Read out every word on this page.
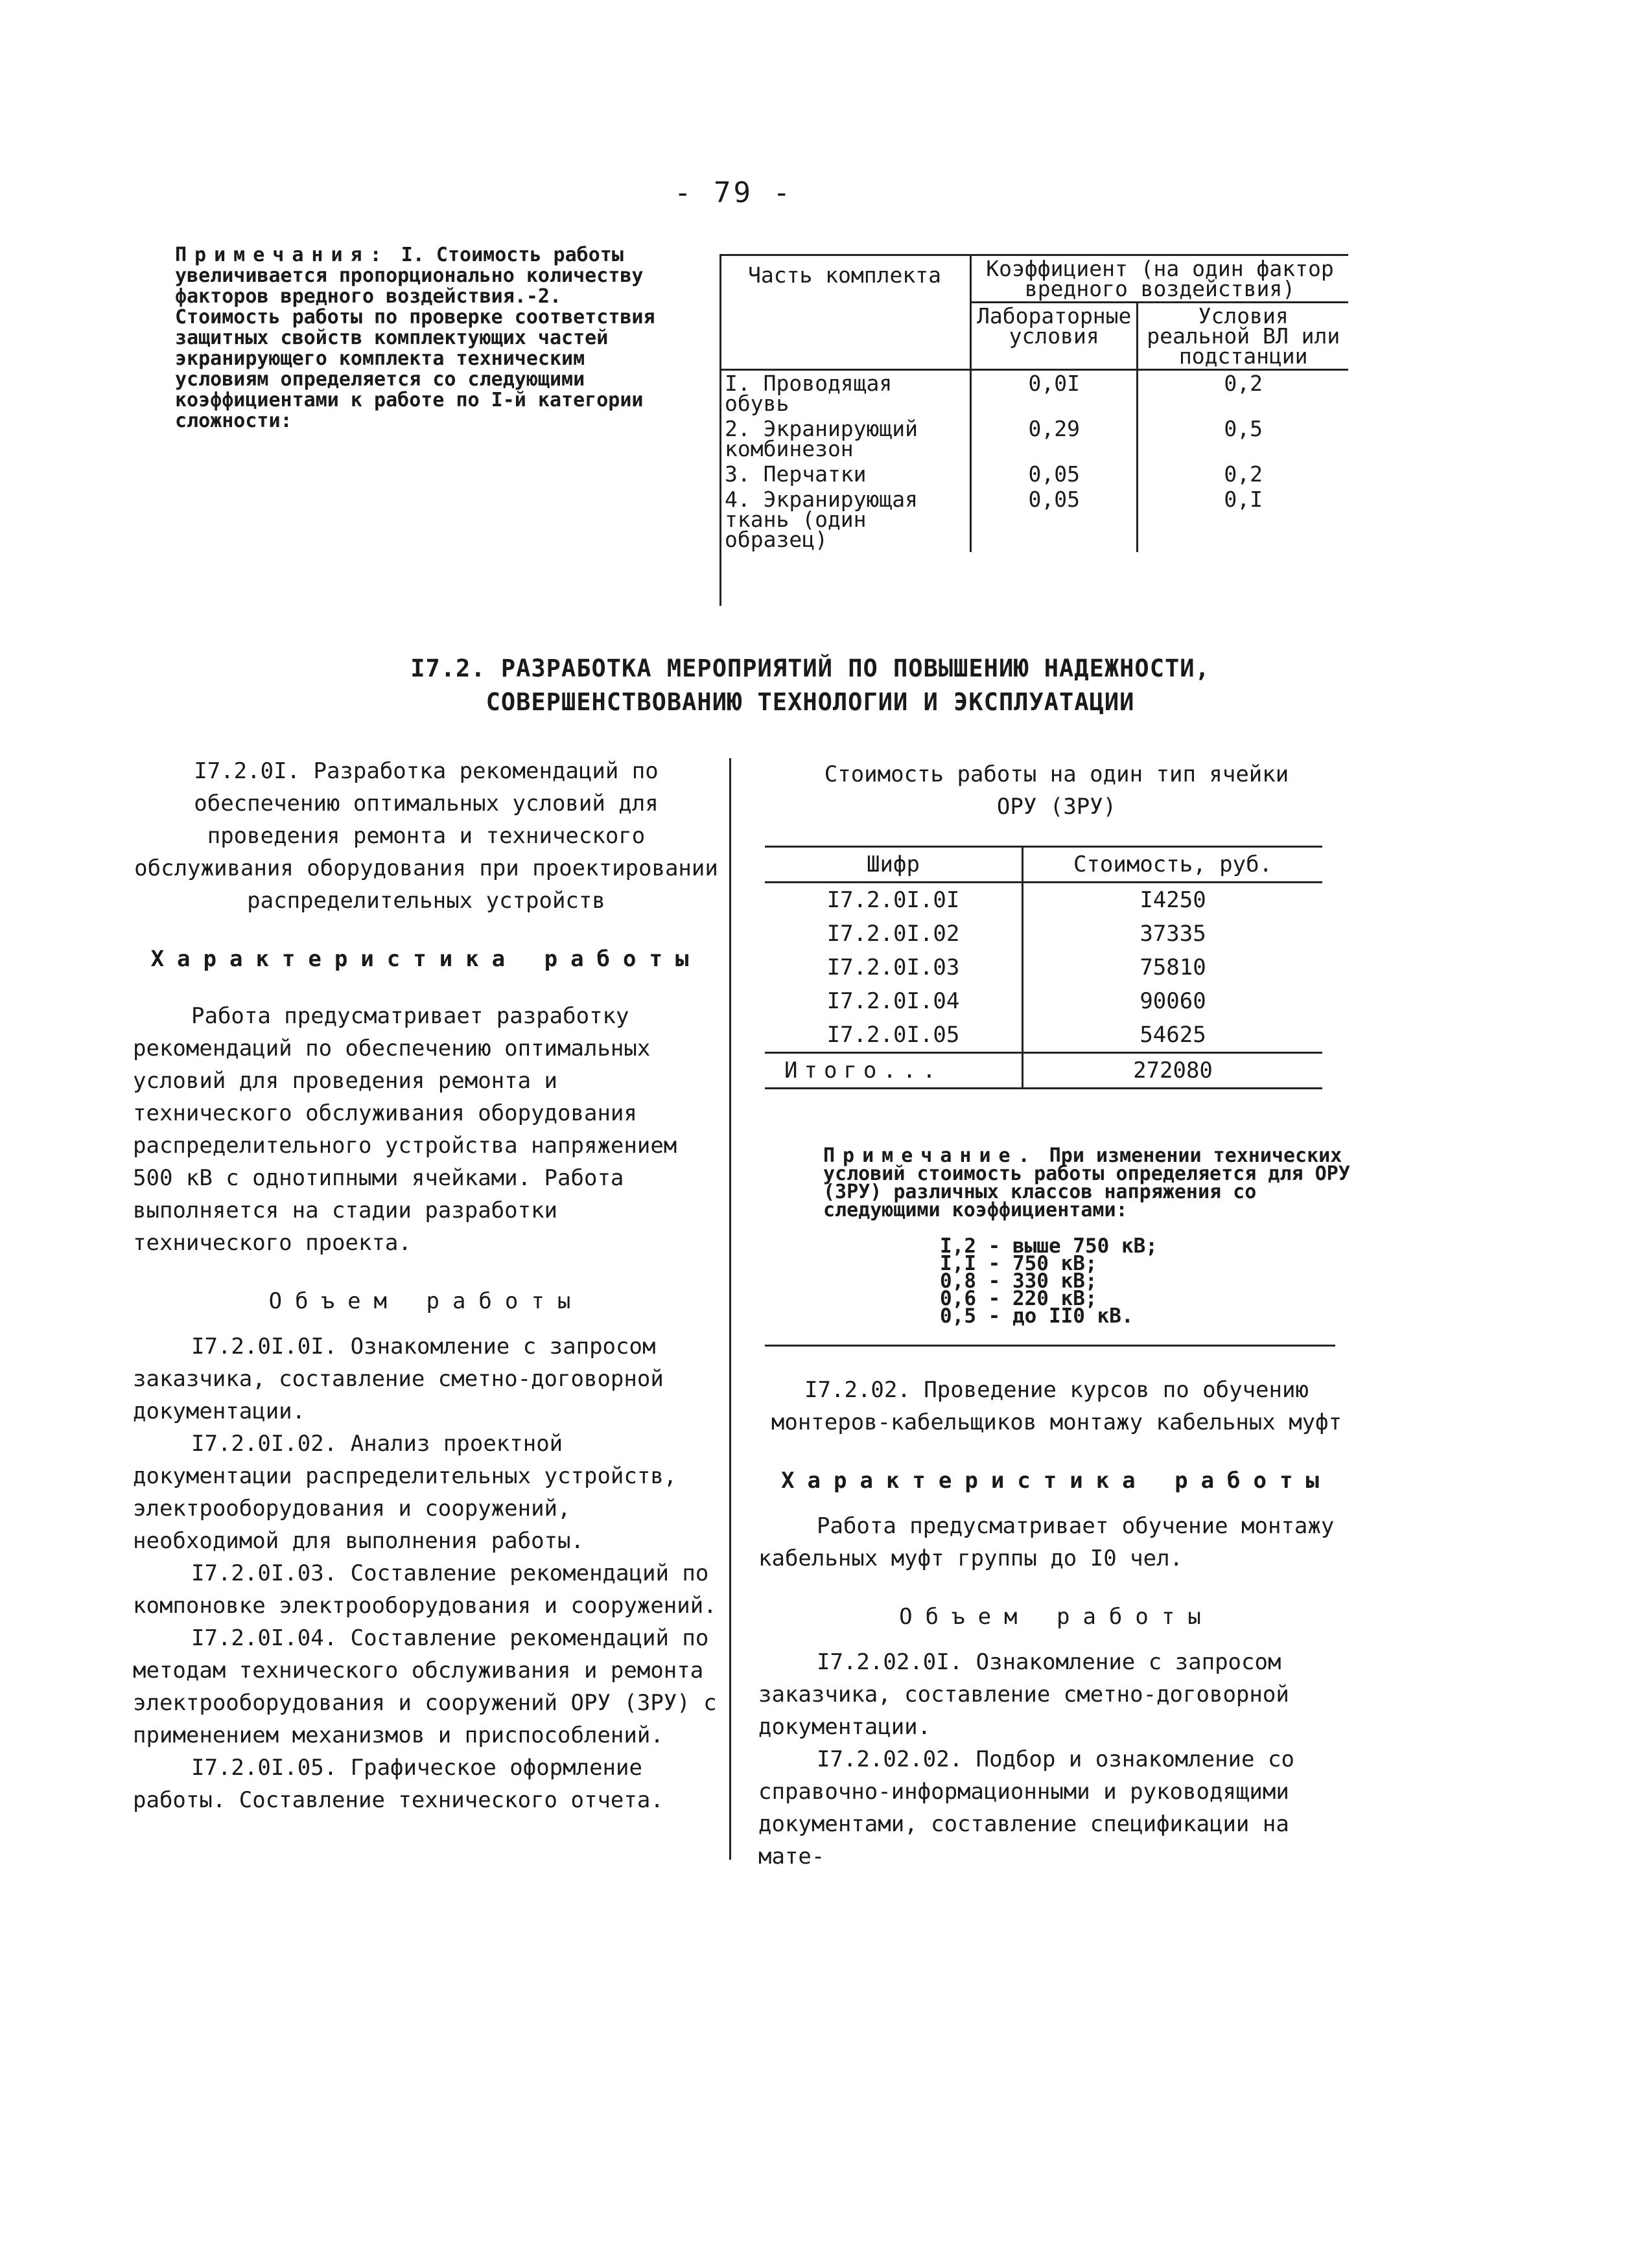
- 79 -
Примечания: I. Стоимость работы увеличивается пропорционально количеству факторов вредного воздействия.-2. Стоимость работы по проверке соответствия защитных свойств комплектующих частей экранирующего комплекта техническим условиям определяется со следующими коэффициентами к работе по I-й категории сложности:
Часть комплекта	Коэффициент (на один фактор вредного воздействия)	
	Лабораторные условия	Условия реальной ВЛ или подстанции
I. Проводящая обувь	0,0I	0,2
2. Экранирующий комбинезон	0,29	0,5
3. Перчатки	0,05	0,2
4. Экранирующая ткань (один образец)	0,05	0,I
I7.2. РАЗРАБОТКА МЕРОПРИЯТИЙ ПО ПОВЫШЕНИЮ НАДЕЖНОСТИ,
СОВЕРШЕНСТВОВАНИЮ ТЕХНОЛОГИИ И ЭКСПЛУАТАЦИИ

I7.2.0I. Разработка рекомендаций по обеспечению оптимальных условий для проведения ремонта и технического обслуживания оборудования при проектировании распределительных устройств

Характеристика работы

Работа предусматривает разработку рекомендаций по обеспечению оптимальных условий для проведения ремонта и технического обслуживания оборудования распределительного устройства напряжением 500 кВ с однотипными ячейками. Работа выполняется на стадии разработки технического проекта.

Объем работы

I7.2.0I.0I. Ознакомление с запросом заказчика, составление сметно-договорной документации.

I7.2.0I.02. Анализ проектной документации распределительных устройств, электрооборудования и сооружений, необходимой для выполнения работы.

I7.2.0I.03. Составление рекомендаций по компоновке электрооборудования и сооружений.

I7.2.0I.04. Составление рекомендаций по методам технического обслуживания и ремонта электрооборудования и сооружений ОРУ (ЗРУ) с применением механизмов и приспособлений.

I7.2.0I.05. Графическое оформление работы. Составление технического отчета.

Стоимость работы на один тип ячейки ОРУ (ЗРУ)

Шифр	Стоимость, руб.
I7.2.0I.0I	I4250
I7.2.0I.02	37335
I7.2.0I.03	75810
I7.2.0I.04	90060
I7.2.0I.05	54625
Итого...	272080
Примечание. При изменении технических условий стоимость работы определяется для ОРУ (ЗРУ) различных классов напряжения со следующими коэффициентами:
I,2 - выше 750 кВ;
I,I - 750 кВ;
0,8 - 330 кВ;
0,6 - 220 кВ;
0,5 - до II0 кВ.

I7.2.02. Проведение курсов по обучению монтеров-кабельщиков монтажу кабельных муфт

Характеристика работы

Работа предусматривает обучение монтажу кабельных муфт группы до I0 чел.

Объем работы

I7.2.02.0I. Ознакомление с запросом заказчика, составление сметно-договорной документации.

I7.2.02.02. Подбор и ознакомление со справочно-информационными и руководящими документами, составление спецификации на мате-
